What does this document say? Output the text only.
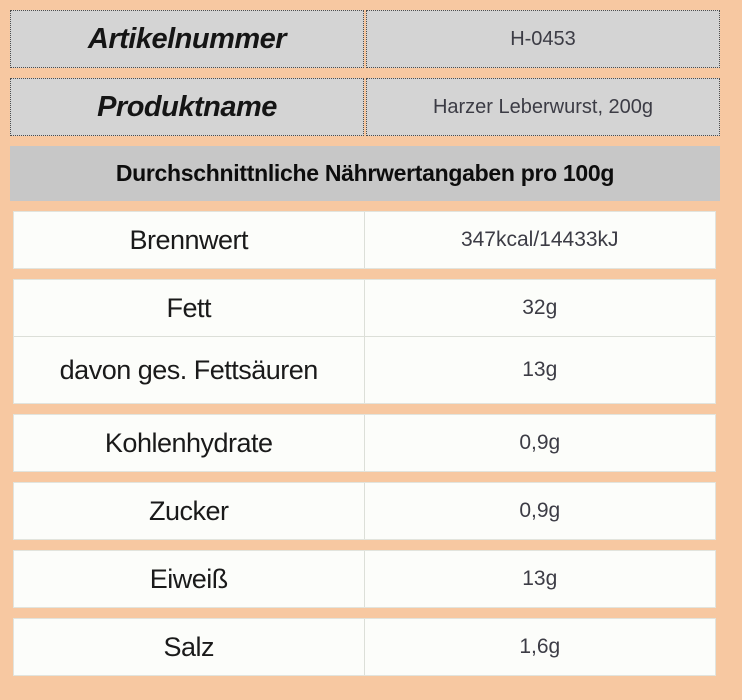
Artikelnummer	H-0453
Produktname	Harzer Leberwurst, 200g
Durchschnittnliche Nährwertangaben pro 100g
Brennwert	347kcal/14433kJ
Fett	32g
davon ges. Fettsäuren	13g
Kohlenhydrate	0,9g
Zucker	0,9g
Eiweiß	13g
Salz	1,6g
